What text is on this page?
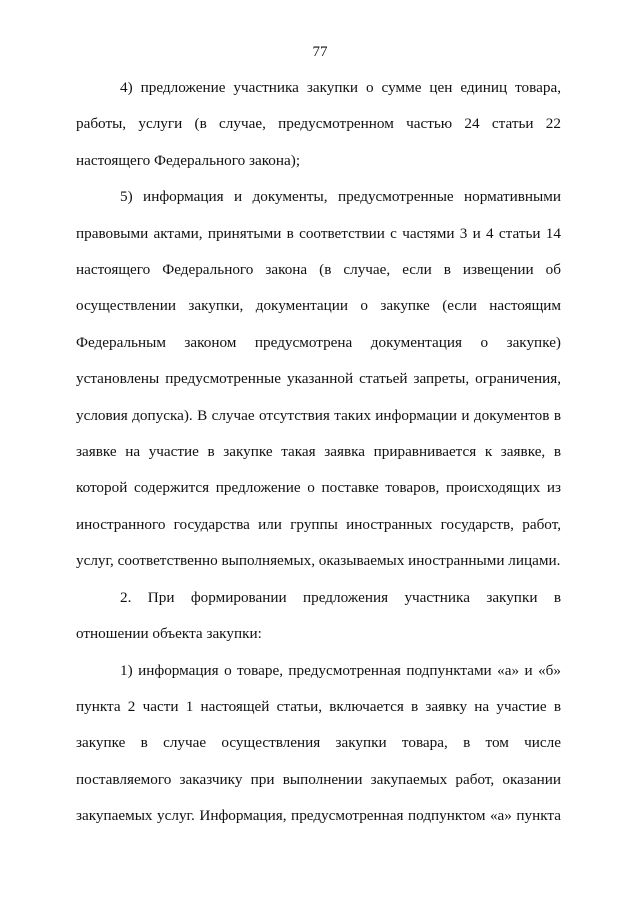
77

4) предложение участника закупки о сумме цен единиц товара, работы, услуги (в случае, предусмотренном частью 24 статьи 22 настоящего Федерального закона);

5) информация и документы, предусмотренные нормативными правовыми актами, принятыми в соответствии с частями 3 и 4 статьи 14 настоящего Федерального закона (в случае, если в извещении об осуществлении закупки, документации о закупке (если настоящим Федеральным законом предусмотрена документация о закупке) установлены предусмотренные указанной статьей запреты, ограничения, условия допуска). В случае отсутствия таких информации и документов в заявке на участие в закупке такая заявка приравнивается к заявке, в которой содержится предложение о поставке товаров, происходящих из иностранного государства или группы иностранных государств, работ, услуг, соответственно выполняемых, оказываемых иностранными лицами.

2. При формировании предложения участника закупки в отношении объекта закупки:

1) информация о товаре, предусмотренная подпунктами «а» и «б» пункта 2 части 1 настоящей статьи, включается в заявку на участие в закупке в случае осуществления закупки товара, в том числе поставляемого заказчику при выполнении закупаемых работ, оказании закупаемых услуг. Информация, предусмотренная подпунктом «а» пункта
